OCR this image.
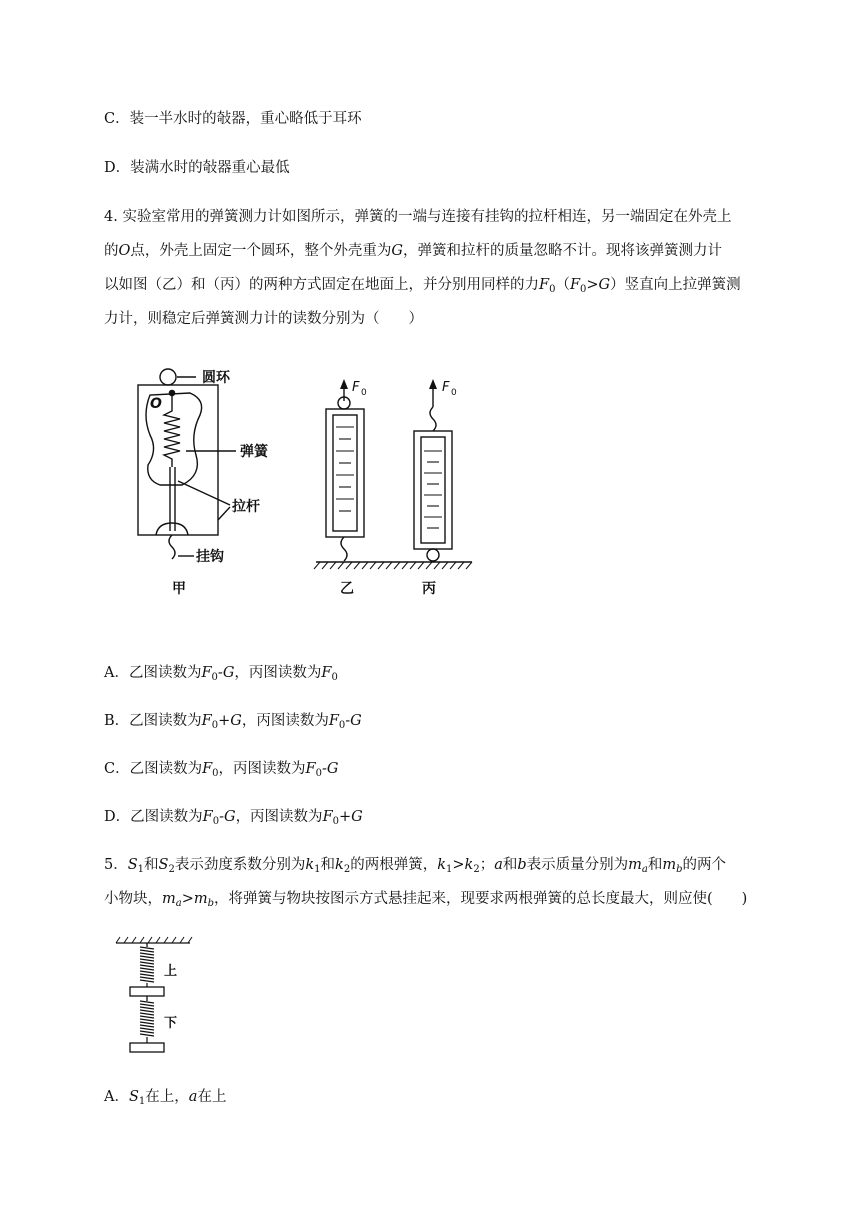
C．装一半水时的敧器，重心略低于耳环
D．装满水时的敧器重心最低
4. 实验室常用的弹簧测力计如图所示，弹簧的一端与连接有挂钩的拉杆相连，另一端固定在外壳上
的O点，外壳上固定一个圆环，整个外壳重为G，弹簧和拉杆的质量忽略不计。现将该弹簧测力计
以如图（乙）和（丙）的两种方式固定在地面上，并分别用同样的力$F_0(F_0>G)$竖直向上拉弹簧测
力计，则稳定后弹簧测力计的读数分别为（　　）
圆环
O
弹簧
拉杆
挂钩
甲	乙	丙
F 0	F 0
A．乙图读数为$F_0-G$，丙图读数为$F_0$
B．乙图读数为$F_0+G$，丙图读数为$F_0-G$
C．乙图读数为$F_0$，丙图读数为$F_0-G$
D．乙图读数为$F_0-G$，丙图读数为$F_0+G$
5．$S_1$和$S_2$表示劲度系数分别为$k_1$和$k_2$的两根弹簧，$k_1>k_2$；a和b表示质量分别为$m_a$和$m_b$的两个
小物块，$m_a>m_b$，将弹簧与物块按图示方式悬挂起来，现要求两根弹簧的总长度最大，则应使(　　)
上
下
A．$S_1$在上，a在上
